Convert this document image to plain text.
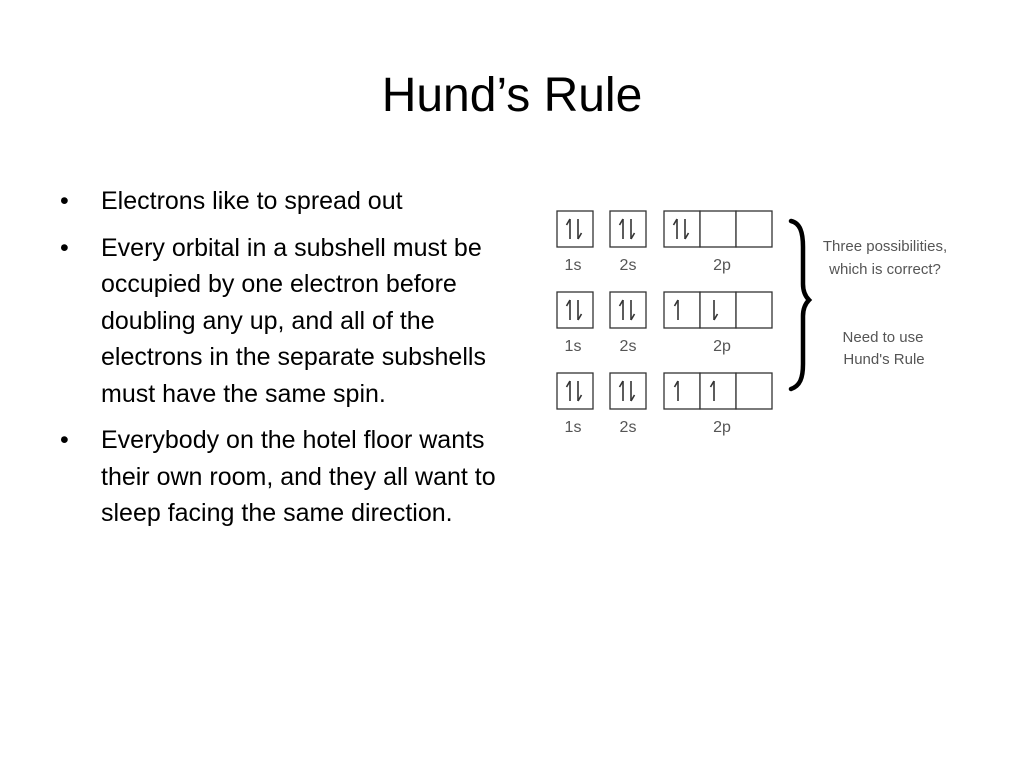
Hund’s Rule
• Electrons like to spread out
• Every orbital in a subshell must be occupied by one electron before doubling any up, and all of the electrons in the separate subshells must have the same spin.
• Everybody on the hotel floor wants their own room, and they all want to sleep facing the same direction.
1s 2s	2p
1s 2s	2p
1s 2s	2p
Three possibilities,
which is correct?
Need to use
Hund's Rule
